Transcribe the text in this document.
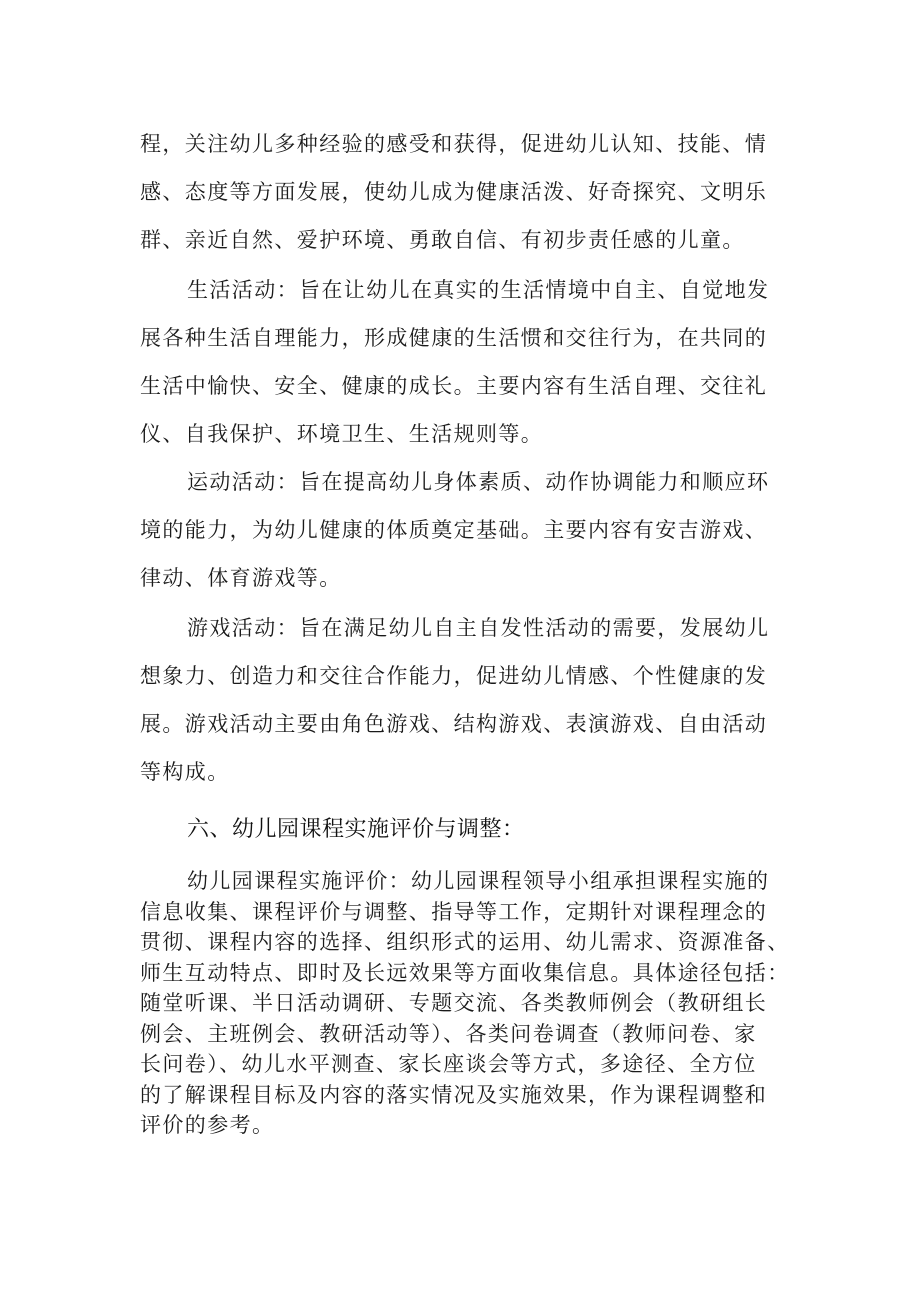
程，关注幼儿多种经验的感受和获得，促进幼儿认知、技能、情
感、态度等方面发展，使幼儿成为健康活泼、好奇探究、文明乐
群、亲近自然、爱护环境、勇敢自信、有初步责任感的儿童。
生活活动：旨在让幼儿在真实的生活情境中自主、自觉地发
展各种生活自理能力，形成健康的生活惯和交往行为，在共同的
生活中愉快、安全、健康的成长。主要内容有生活自理、交往礼
仪、自我保护、环境卫生、生活规则等。
运动活动：旨在提高幼儿身体素质、动作协调能力和顺应环
境的能力，为幼儿健康的体质奠定基础。主要内容有安吉游戏、
律动、体育游戏等。
游戏活动：旨在满足幼儿自主自发性活动的需要，发展幼儿
想象力、创造力和交往合作能力，促进幼儿情感、个性健康的发
展。游戏活动主要由角色游戏、结构游戏、表演游戏、自由活动
等构成。
六、幼儿园课程实施评价与调整：
幼儿园课程实施评价：幼儿园课程领导小组承担课程实施的
信息收集、课程评价与调整、指导等工作，定期针对课程理念的
贯彻、课程内容的选择、组织形式的运用、幼儿需求、资源准备、
师生互动特点、即时及长远效果等方面收集信息。具体途径包括：
随堂听课、半日活动调研、专题交流、各类教师例会（教研组长
例会、主班例会、教研活动等）、各类问卷调查（教师问卷、家
长问卷）、幼儿水平测查、家长座谈会等方式，多途径、全方位
的了解课程目标及内容的落实情况及实施效果，作为课程调整和
评价的参考。
